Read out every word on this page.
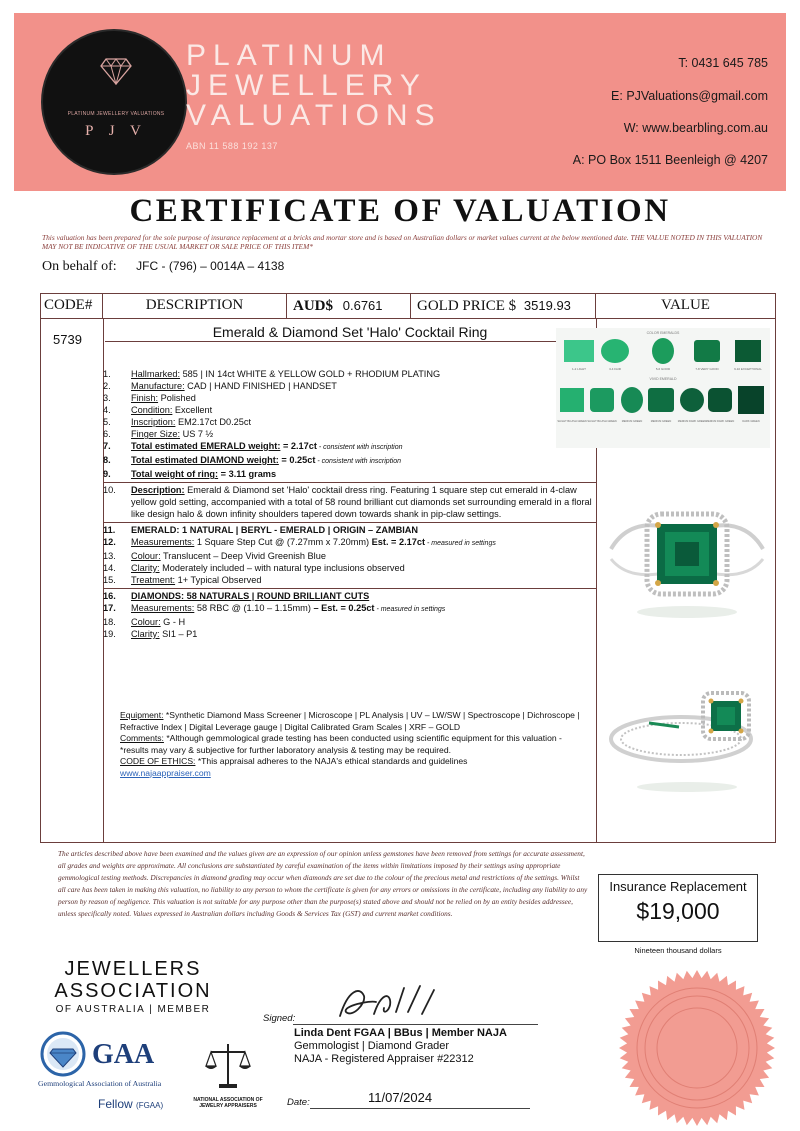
PLATINUM JEWELLERY VALUATIONS
P J V
PLATINUM
JEWELLERY
VALUATIONS
ABN 11 588 192 137
T: 0431 645 785
E: PJValuations@gmail.com
W: www.bearbling.com.au
A: PO Box 1511 Beenleigh @ 4207
CERTIFICATE OF VALUATION
This valuation has been prepared for the sole purpose of insurance replacement at a bricks and mortar store and is based on Australian dollars or market values current at the below mentioned date. THE VALUE NOTED IN THIS VALUATION MAY NOT BE INDICATIVE OF THE USUAL MARKET OR SALE PRICE OF THIS ITEM*
On behalf of: JFC - (796) – 0014A – 4138
CODE#	DESCRIPTION	AUD$ 0.6761	GOLD PRICE $ 3519.93	VALUE
5739	Emerald & Diamond Set 'Halo' Cocktail Ring
1.	Hallmarked: 585 | IN 14ct WHITE & YELLOW GOLD + RHODIUM PLATING
2.	Manufacture: CAD | HAND FINISHED | HANDSET
3.	Finish: Polished
4.	Condition: Excellent
5.	Inscription: EM2.17ct D0.25ct
6.	Finger Size: US 7 ½
7.	Total estimated EMERALD weight: = 2.17ct - consistent with inscription
8.	Total estimated DIAMOND weight: = 0.25ct - consistent with inscription
9.	Total weight of ring: = 3.11 grams
10.	Description: Emerald & Diamond set 'Halo' cocktail dress ring. Featuring 1 square step cut emerald in 4-claw yellow gold setting, accompanied with a total of 58 round brilliant cut diamonds set surrounding emerald in a floral like design halo & down infinity shoulders tapered down towards shank in pip-claw settings.
11.	EMERALD: 1 NATURAL | BERYL - EMERALD | ORIGIN – ZAMBIAN
12.	Measurements: 1 Square Step Cut @ (7.27mm x 7.20mm) Est. = 2.17ct - measured in settings
13.	Colour: Translucent – Deep Vivid Greenish Blue
14.	Clarity: Moderately included – with natural type inclusions observed
15.	Treatment: 1+ Typical Observed
16.	DIAMONDS: 58 NATURALS | ROUND BRILLIANT CUTS
17.	Measurements: 58 RBC @ (1.10 – 1.15mm) – Est. = 0.25ct - measured in settings
18.	Colour: G - H
19.	Clarity: SI1 – P1
Equipment: *Synthetic Diamond Mass Screener | Microscope | PL Analysis | UV – LW/SW | Spectroscope | Dichroscope | Refractive Index | Digital Leverage gauge | Digital Calibrated Gram Scales | XRF – GOLD
Comments: *Although gemmological grade testing has been conducted using scientific equipment for this valuation - *results may vary & subjective for further laboratory analysis & testing may be required.
CODE OF ETHICS: *This appraisal adheres to the NAJA's ethical standards and guidelines
www.najaappraiser.com
COLOR EMERALDS
1-2 LIGHT	3-4 FAIR	5-6 GOOD	7-8 VERY GOOD	9-10 EXCEPTIONAL
VIVID EMERALD
SLIGHT BLUISH GREEN SLIGHT BLUISH GREEN MEDIUM GREEN	MEDIUM GREEN	MEDIUM DARK GREEN MEDIUM DARK GREEN	DARK GREEN
The articles described above have been examined and the values given are an expression of our opinion unless gemstones have been removed from settings for accurate assessment, all grades and weights are approximate. All conclusions are substantiated by careful examination of the items within limitations imposed by their settings using appropriate gemmological testing methods. Discrepancies in diamond grading may occur when diamonds are set due to the colour of the precious metal and restrictions of the settings. Whilst all care has been taken in making this valuation, no liability to any person to whom the certificate is given for any errors or omissions in the certificate, including any liability to any person by reason of negligence. This valuation is not suitable for any purpose other than the purpose(s) stated above and should not be relied on by an entity besides addressee, unless specifically noted. Values expressed in Australian dollars including Goods & Services Tax (GST) and current market conditions.
Insurance Replacement
$19,000
Nineteen thousand dollars
JEWELLERS
ASSOCIATION
OF AUSTRALIA | MEMBER
GAA
Gemmological Association of Australia
Fellow (FGAA)
NATIONAL ASSOCIATION OF JEWELRY APPRAISERS
Signed:
Linda Dent FGAA | BBus | Member NAJA
Gemmologist | Diamond Grader
NAJA - Registered Appraiser #22312
Date:	11/07/2024
